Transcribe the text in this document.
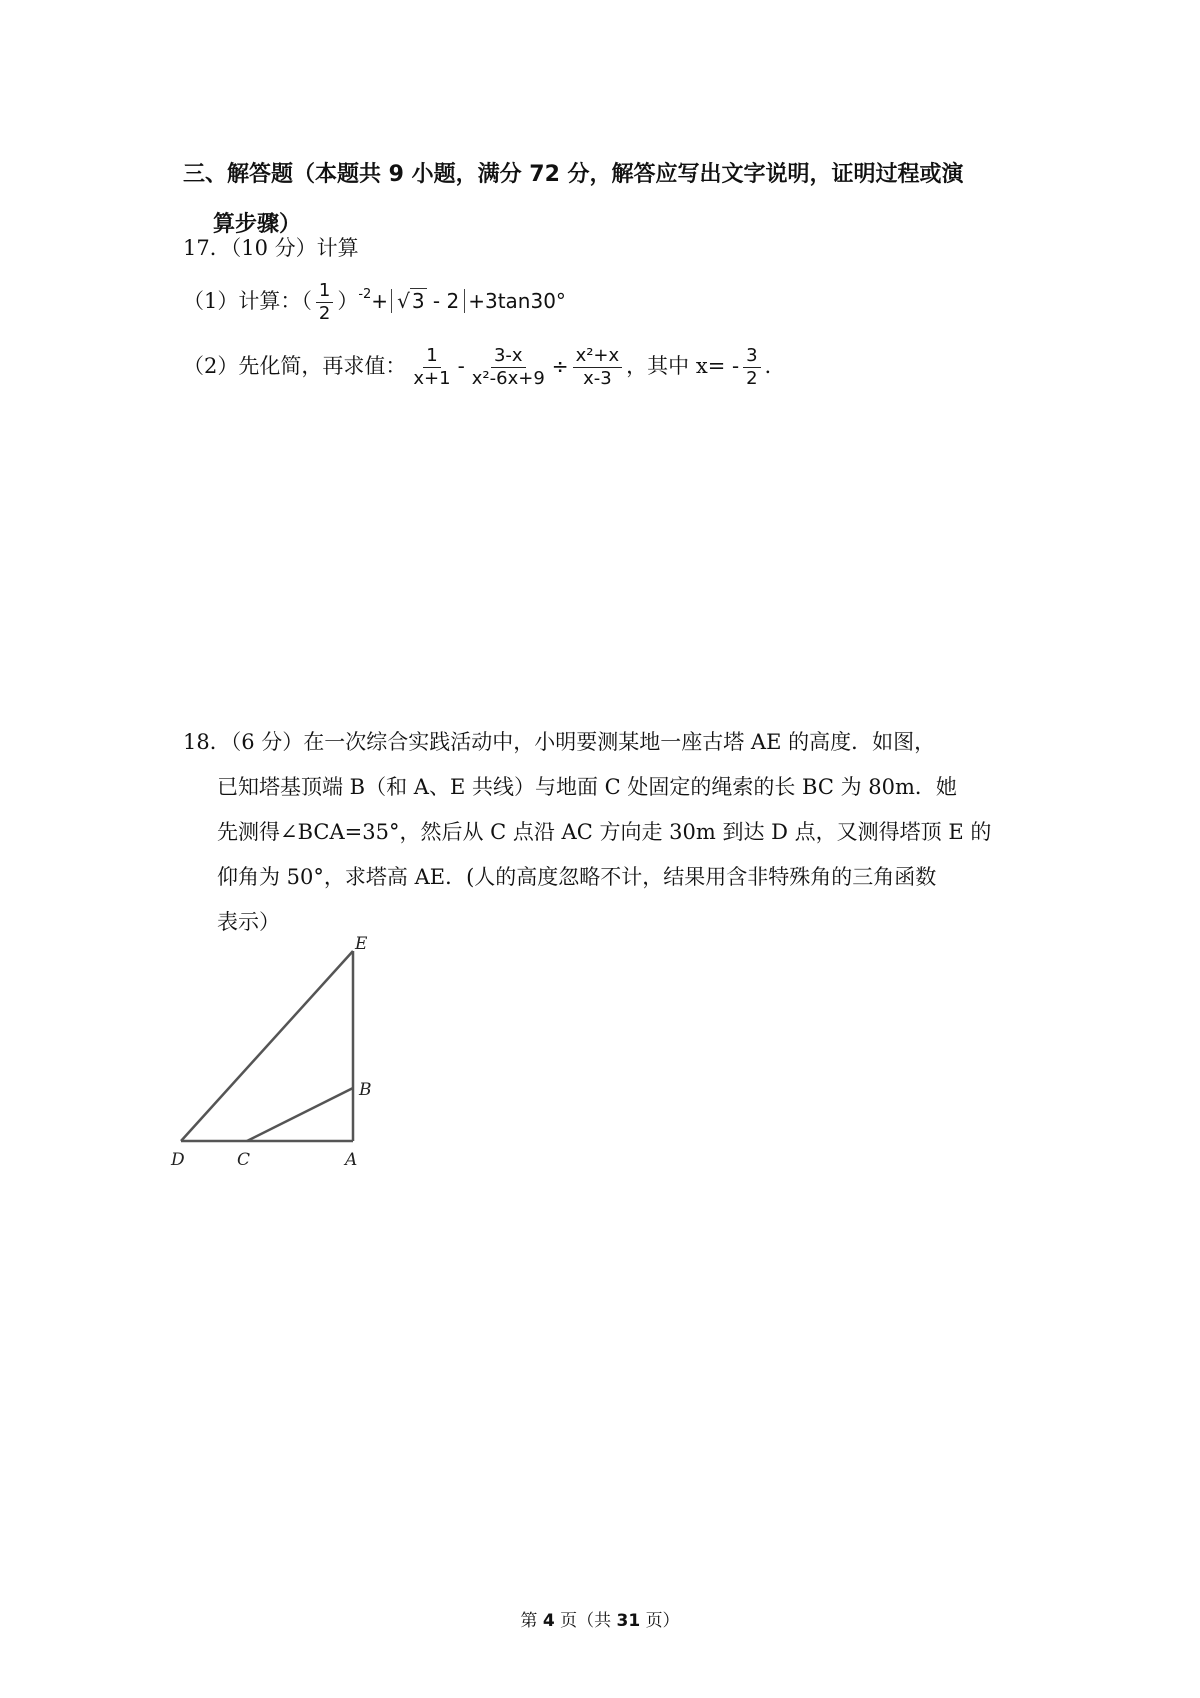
三、解答题（本题共 9 小题，满分 72 分，解答应写出文字说明，证明过程或演
算步骤）
17．（10 分）计算
（1）计算：（ $\frac{1}{2} )^{-2}+$ √ 3 - 2 +3tan30°
（2）先化简，再求值： $\frac{1}{x+1} - \frac{3-x}{\text{x²-6x+9}} \div \frac{\text{x²+x}}{x-3}$ ，其中 $x= - \frac{3}{2}$ .
18．（6 分）在一次综合实践活动中，小明要测某地一座古塔 AE 的高度．如图，
已知塔基顶端 B（和 A、E 共线）与地面 C 处固定的绳索的长 BC 为 80m．她
先测得∠BCA=35°，然后从 C 点沿 AC 方向走 30m 到达 D 点，又测得塔顶 E 的
仰角为 50°，求塔高 AE．(人的高度忽略不计，结果用含非特殊角的三角函数
表示）
E
B
D	C	A
第 4 页（共 31 页）
